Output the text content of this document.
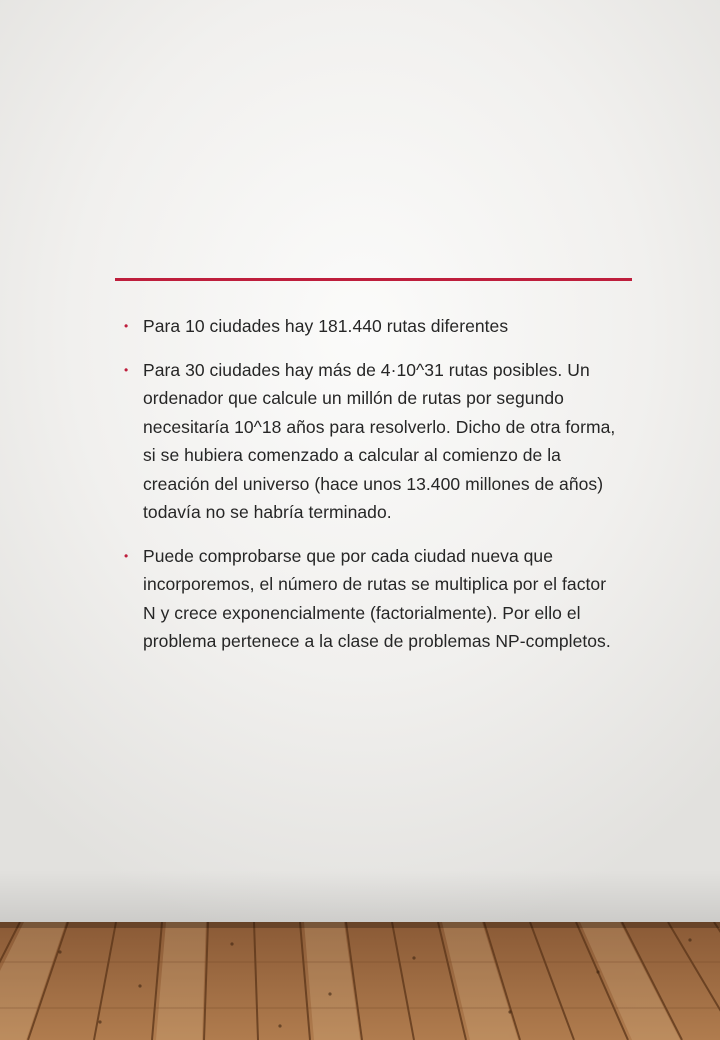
• Para 10 ciudades hay 181.440 rutas diferentes

• Para 30 ciudades hay más de 4·10^31 rutas posibles. Un ordenador que calcule un millón de rutas por segundo necesitaría 10^18 años para resolverlo. Dicho de otra forma, si se hubiera comenzado a calcular al comienzo de la creación del universo (hace unos 13.400 millones de años) todavía no se habría terminado.

• Puede comprobarse que por cada ciudad nueva que incorporemos, el número de rutas se multiplica por el factor N y crece exponencialmente (factorialmente). Por ello el problema pertenece a la clase de problemas NP-completos.
